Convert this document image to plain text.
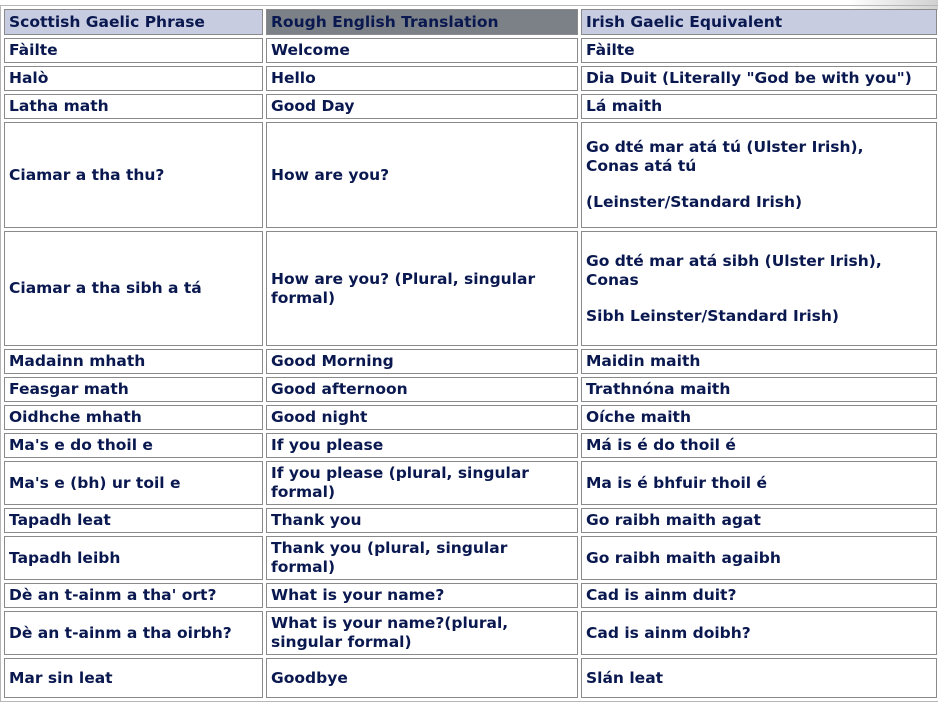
Scottish Gaelic Phrase	Rough English Translation	Irish Gaelic Equivalent
Fàilte	Welcome	Fàilte

Halò	Hello	Dia Duit (Literally "God be with you")

Latha math	Good Day	Lá maith

Ciamar a tha thu?	How are you?	Go dté mar atá tú (Ulster Irish),
Conas atá tú
(Leinster/Standard Irish)

Ciamar a tha sibh a tá	How are you? (Plural, singular formal)	Go dté mar atá sibh (Ulster Irish), Conas
Sibh Leinster/Standard Irish)

Madainn mhath	Good Morning	Maidin maith

Feasgar math	Good afternoon	Trathnóna maith

Oidhche mhath	Good night	Oíche maith

Ma's e do thoil e	If you please	Má is é do thoil é

Ma's e (bh) ur toil e	If you please (plural, singular formal)	Ma is é bhfuir thoil é

Tapadh leat	Thank you	Go raibh maith agat

Tapadh leibh	Thank you (plural, singular formal)	Go raibh maith agaibh

Dè an t-ainm a tha' ort?	What is your name?	Cad is ainm duit?

Dè an t-ainm a tha oirbh?	What is your name?(plural, singular formal)	Cad is ainm doibh?

Mar sin leat	Goodbye	Slán leat
